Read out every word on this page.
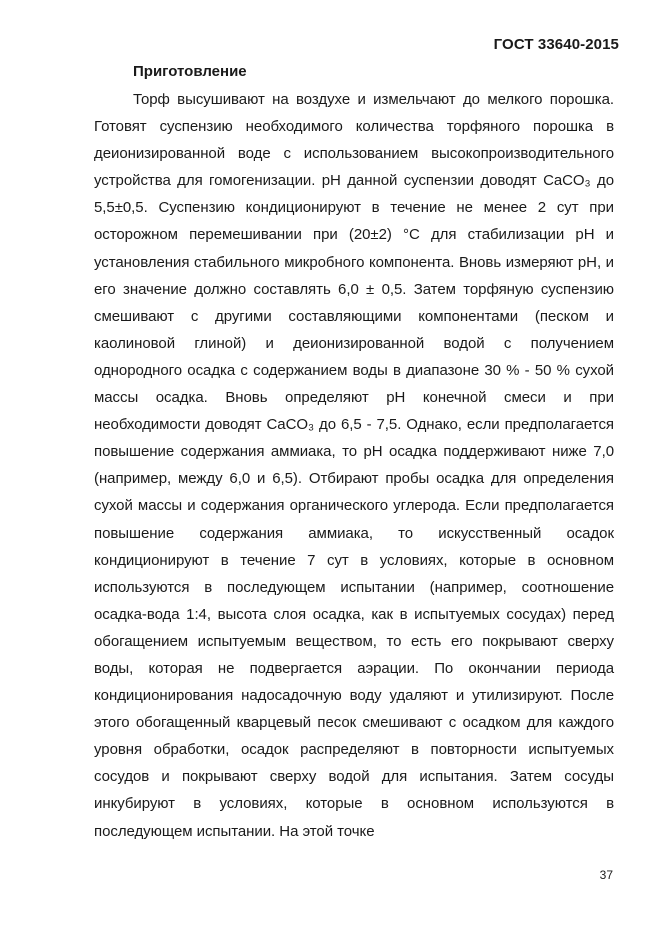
ГОСТ 33640-2015
Приготовление

Торф высушивают на воздухе и измельчают до мелкого порошка. Готовят суспензию необходимого количества торфяного порошка в деионизированной воде с использованием высокопроизводительного устройства для гомогенизации. pH данной суспензии доводят CaCO₃ до 5,5±0,5. Суспензию кондиционируют в течение не менее 2 сут при осторожном перемешивании при (20±2) °С для стабилизации pH и установления стабильного микробного компонента. Вновь измеряют pH, и его значение должно составлять 6,0 ± 0,5. Затем торфяную суспензию смешивают с другими составляющими компонентами (песком и каолиновой глиной) и деионизированной водой с получением однородного осадка с содержанием воды в диапазоне 30 % - 50 % сухой массы осадка. Вновь определяют pH конечной смеси и при необходимости доводят CaCO₃ до 6,5 - 7,5. Однако, если предполагается повышение содержания аммиака, то pH осадка поддерживают ниже 7,0 (например, между 6,0 и 6,5). Отбирают пробы осадка для определения сухой массы и содержания органического углерода. Если предполагается повышение содержания аммиака, то искусственный осадок кондиционируют в течение 7 сут в условиях, которые в основном используются в последующем испытании (например, соотношение осадка-вода 1:4, высота слоя осадка, как в испытуемых сосудах) перед обогащением испытуемым веществом, то есть его покрывают сверху воды, которая не подвергается аэрации. По окончании периода кондиционирования надосадочную воду удаляют и утилизируют. После этого обогащенный кварцевый песок смешивают с осадком для каждого уровня обработки, осадок распределяют в повторности испытуемых сосудов и покрывают сверху водой для испытания. Затем сосуды инкубируют в условиях, которые в основном используются в последующем испытании. На этой точке

37
